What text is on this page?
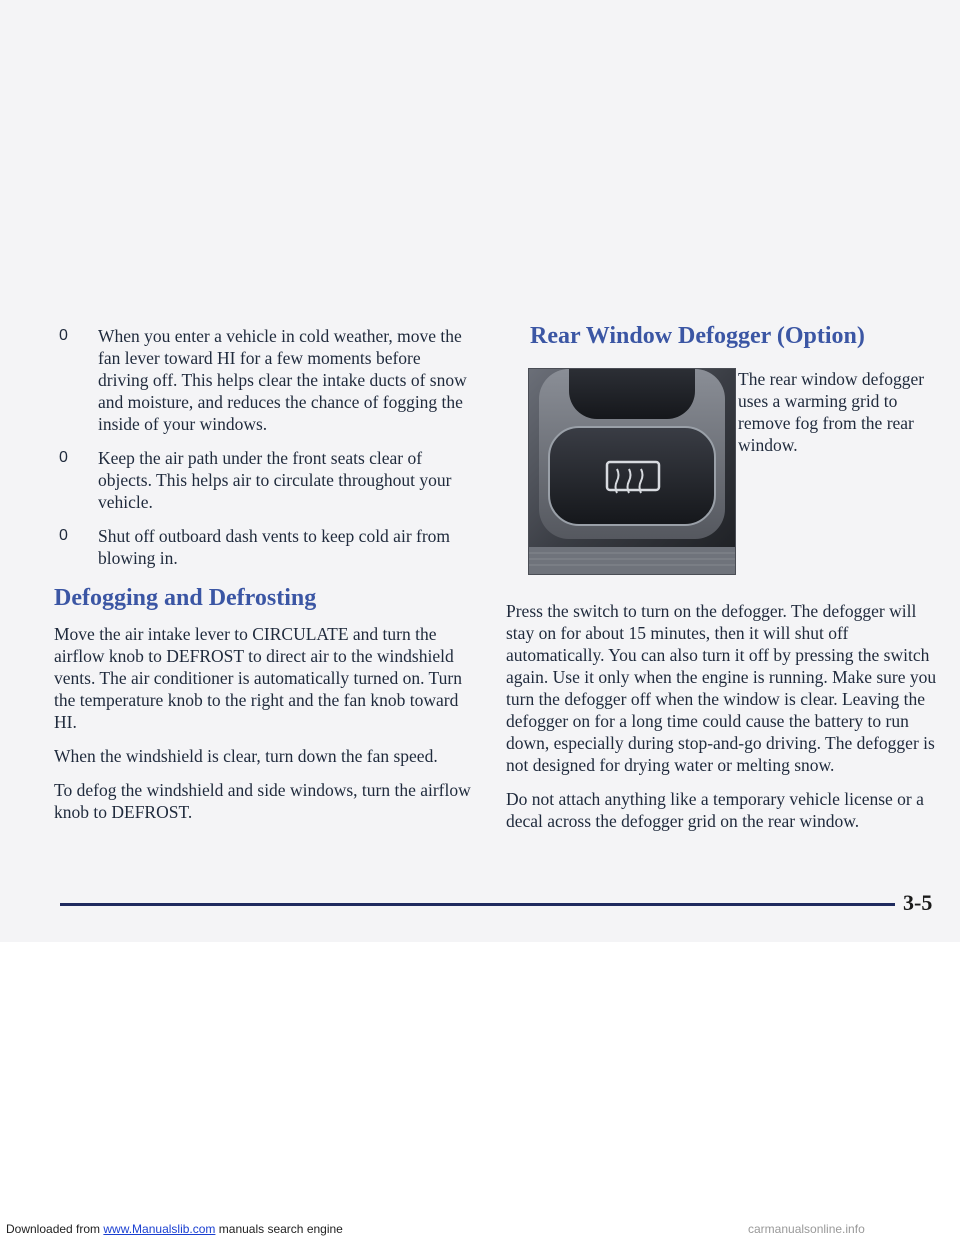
0 When you enter a vehicle in cold weather, move the fan lever toward HI for a few moments before driving off. This helps clear the intake ducts of snow and moisture, and reduces the chance of fogging the inside of your windows.
0 Keep the air path under the front seats clear of objects. This helps air to circulate throughout your vehicle.
0 Shut off outboard dash vents to keep cold air from blowing in.
Defogging and Defrosting

Move the air intake lever to CIRCULATE and turn the airflow knob to DEFROST to direct air to the windshield vents. The air conditioner is automatically turned on. Turn the temperature knob to the right and the fan knob toward HI.

When the windshield is clear, turn down the fan speed.

To defog the windshield and side windows, turn the airflow knob to DEFROST.

Rear Window Defogger (Option)
The rear window defogger uses a warming grid to remove fog from the rear window.

Press the switch to turn on the defogger. The defogger will stay on for about 15 minutes, then it will shut off automatically. You can also turn it off by pressing the switch again. Use it only when the engine is running. Make sure you turn the defogger off when the window is clear. Leaving the defogger on for a long time could cause the battery to run down, especially during stop-and-go driving. The defogger is not designed for drying water or melting snow.

Do not attach anything like a temporary vehicle license or a decal across the defogger grid on the rear window.

3-5
Downloaded from www.Manualslib.com manuals search engine	carmanualsonline.info
